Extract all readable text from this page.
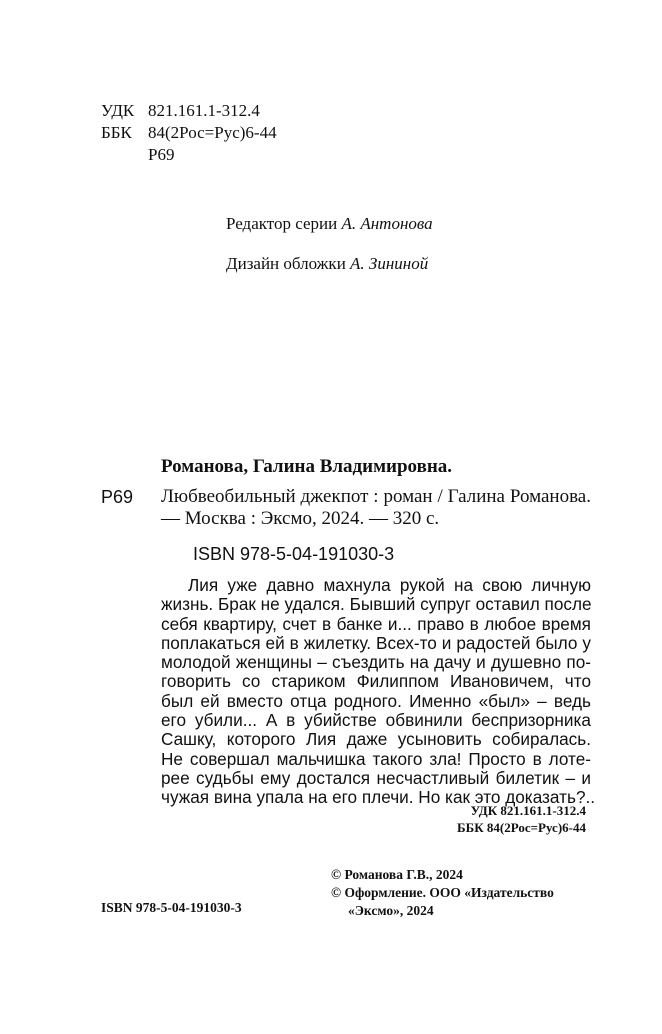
УДК 821.161.1-312.4
ББК 84(2Рос=Рус)6-44
Р69
Редактор серии А. Антонова
Дизайн обложки А. Зининой
Романова, Галина Владимировна.
Р69 Любвеобильный джекпот : роман / Галина Романова. — Москва : Эксмо, 2024. — 320 с.
ISBN 978-5-04-191030-3
Лия уже давно махнула рукой на свою личную
жизнь. Брак не удался. Бывший супруг оставил после
себя квартиру, счет в банке и... право в любое время
поплакаться ей в жилетку. Всех-то и радостей было у
молодой женщины – съездить на дачу и душевно по-
говорить со стариком Филиппом Ивановичем, что
был ей вместо отца родного. Именно «был» – ведь
его убили... А в убийстве обвинили беспризорника
Сашку, которого Лия даже усыновить собиралась.
Не совершал мальчишка такого зла! Просто в лоте-
рее судьбы ему достался несчастливый билетик – и
чужая вина упала на его плечи. Но как это доказать?..
УДК 821.161.1-312.4
ББК 84(2Рос=Рус)6-44
ISBN 978-5-04-191030-3
© Романова Г.В., 2024
© Оформление. ООО «Издательство
«Эксмо», 2024
